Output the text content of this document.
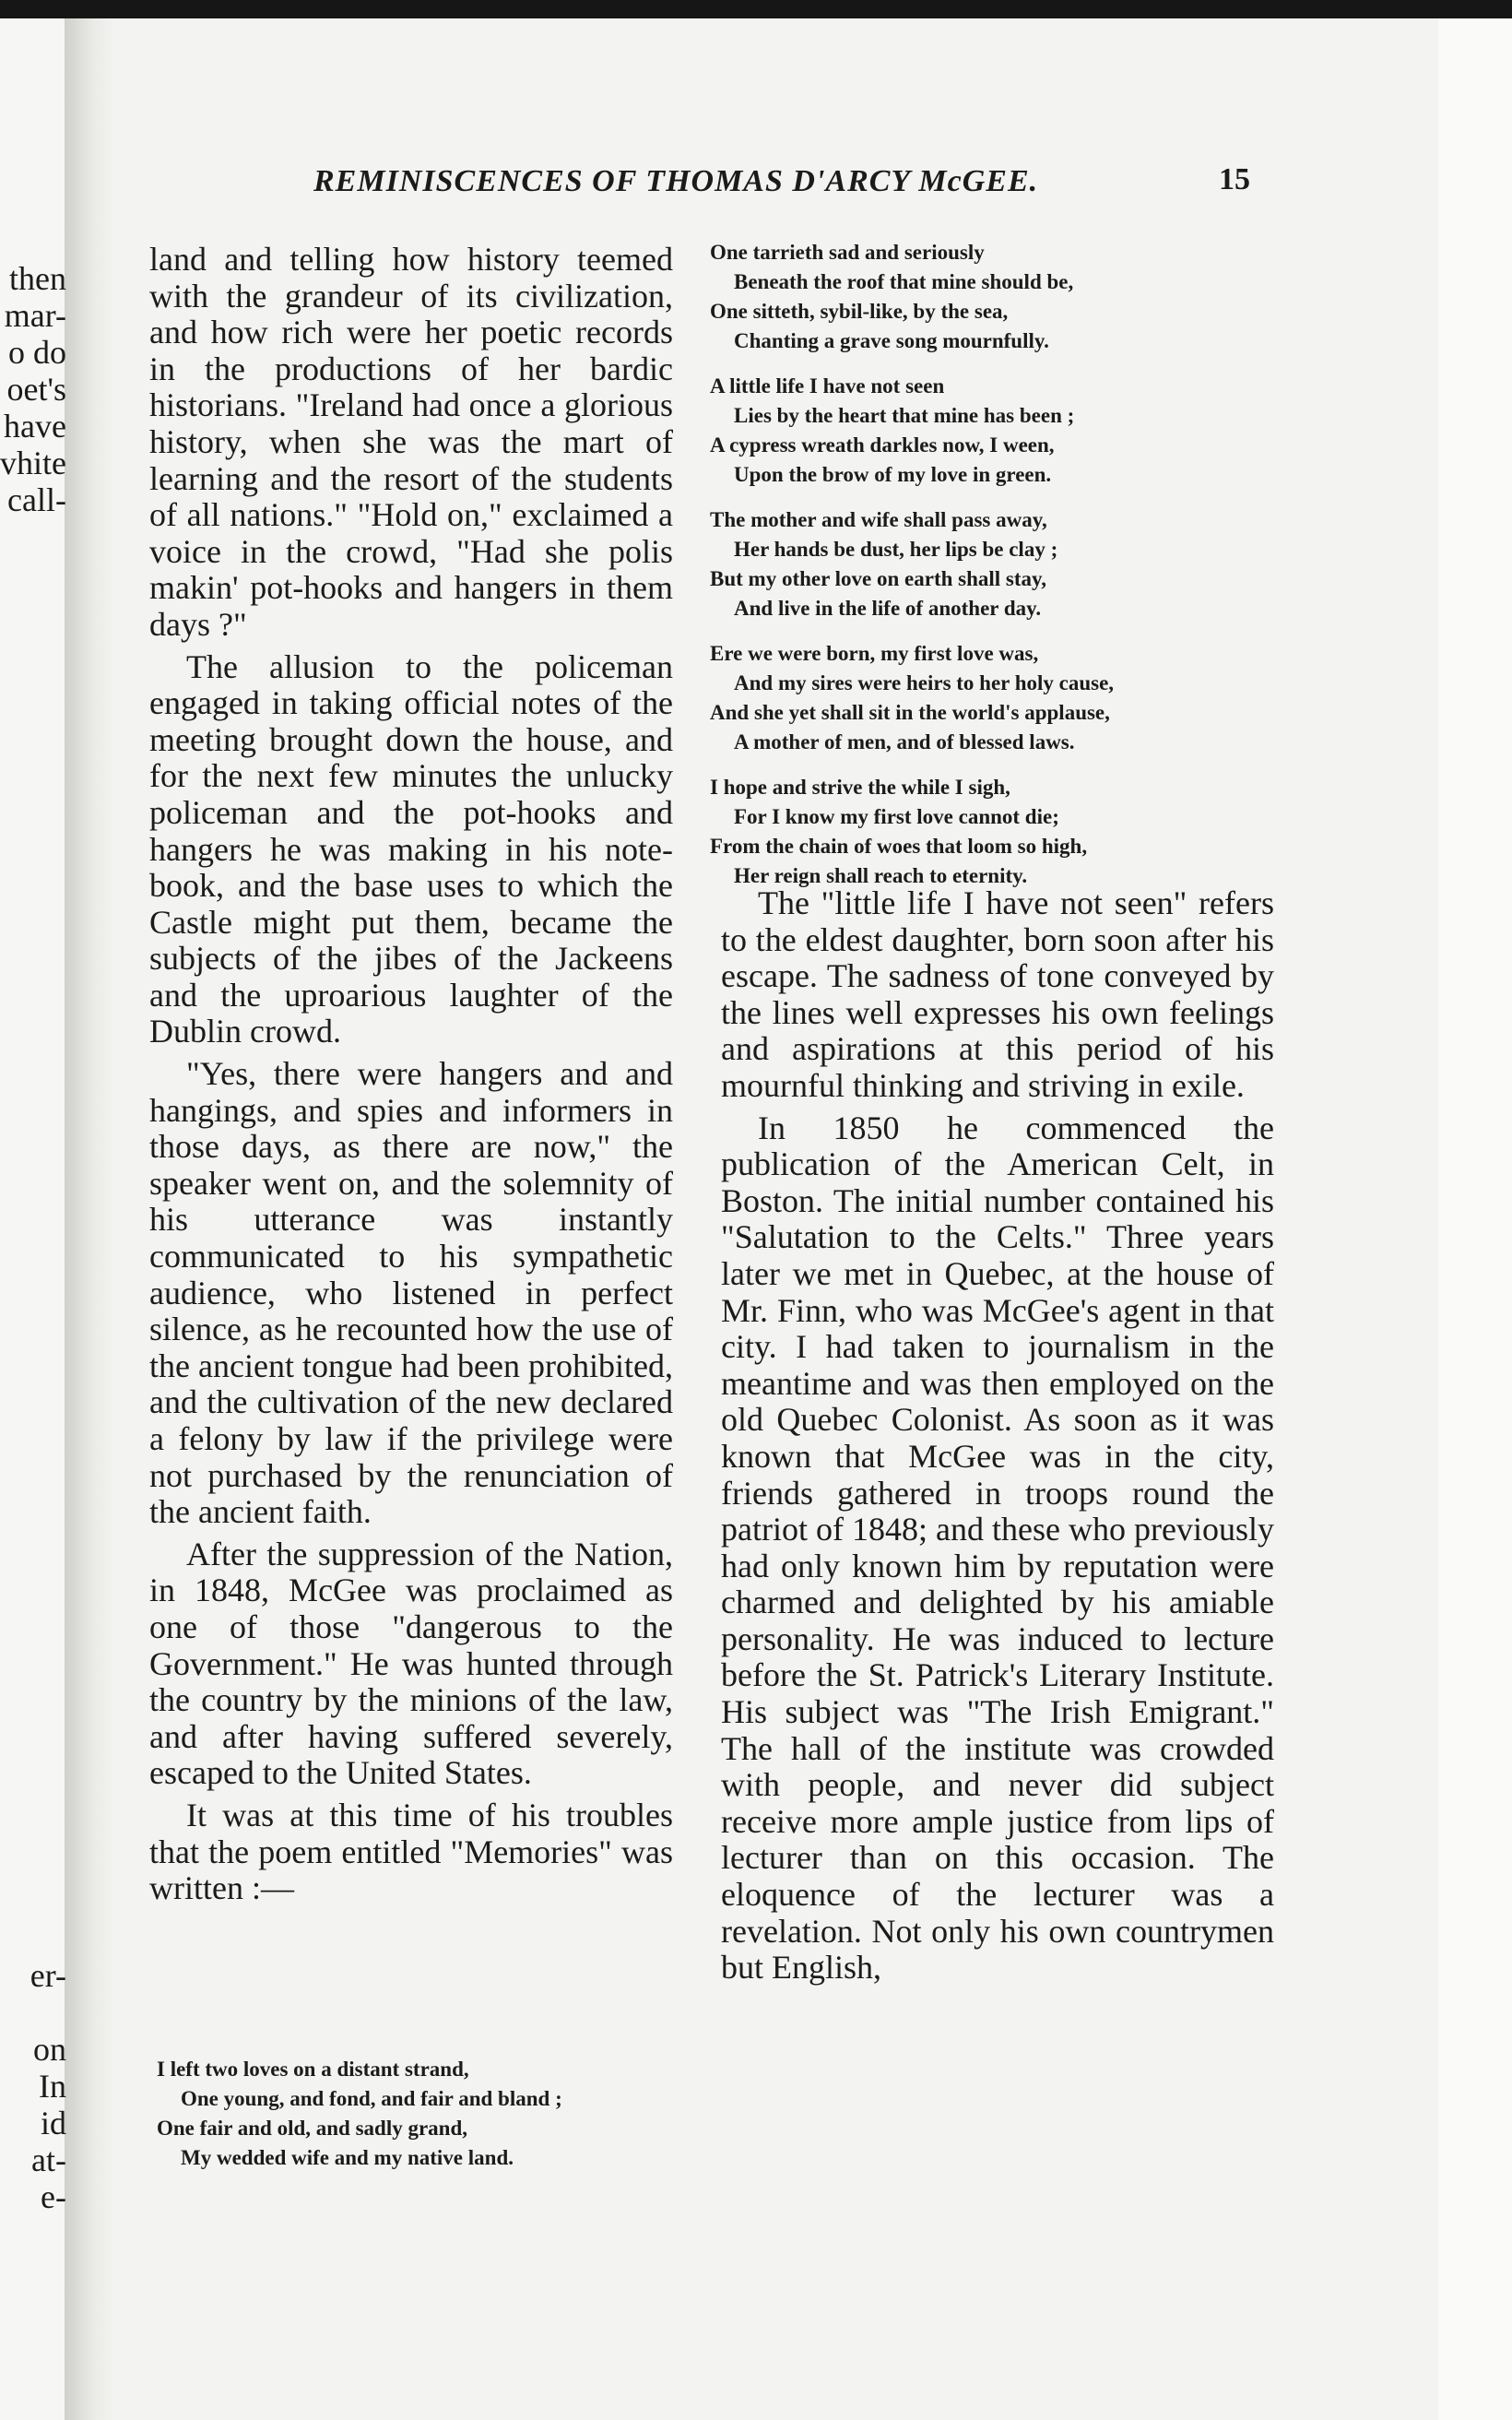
then
mar-
o do
oet's
have
vhite
call-
er-
on
In
id
at-
e-
REMINISCENCES OF THOMAS D'ARCY McGEE.	15

land and telling how history teemed with the grandeur of its civilization, and how rich were her poetic records in the productions of her bardic historians. "Ireland had once a glorious history, when she was the mart of learning and the resort of the students of all nations." "Hold on," exclaimed a voice in the crowd, "Had she polis makin' pot-hooks and hangers in them days ?"

The allusion to the policeman engaged in taking official notes of the meeting brought down the house, and for the next few minutes the unlucky policeman and the pot-hooks and hangers he was making in his note-book, and the base uses to which the Castle might put them, became the subjects of the jibes of the Jackeens and the uproarious laughter of the Dublin crowd.

"Yes, there were hangers and and hangings, and spies and informers in those days, as there are now," the speaker went on, and the solemnity of his utterance was instantly communicated to his sympathetic audience, who listened in perfect silence, as he recounted how the use of the ancient tongue had been prohibited, and the cultivation of the new declared a felony by law if the privilege were not purchased by the renunciation of the ancient faith.

After the suppression of the Nation, in 1848, McGee was proclaimed as one of those "dangerous to the Government." He was hunted through the country by the minions of the law, and after having suffered severely, escaped to the United States.

It was at this time of his troubles that the poem entitled "Memories" was written :—

I left two loves on a distant strand,
One young, and fond, and fair and bland ;
One fair and old, and sadly grand,
My wedded wife and my native land.
One tarrieth sad and seriously
Beneath the roof that mine should be,
One sitteth, sybil-like, by the sea,
Chanting a grave song mournfully.
A little life I have not seen
Lies by the heart that mine has been ;
A cypress wreath darkles now, I ween,
Upon the brow of my love in green.
The mother and wife shall pass away,
Her hands be dust, her lips be clay ;
But my other love on earth shall stay,
And live in the life of another day.
Ere we were born, my first love was,
And my sires were heirs to her holy cause,
And she yet shall sit in the world's applause,
A mother of men, and of blessed laws.
I hope and strive the while I sigh,
For I know my first love cannot die;
From the chain of woes that loom so high,
Her reign shall reach to eternity.

The "little life I have not seen" refers to the eldest daughter, born soon after his escape. The sadness of tone conveyed by the lines well expresses his own feelings and aspirations at this period of his mournful thinking and striving in exile.

In 1850 he commenced the publication of the American Celt, in Boston. The initial number contained his "Salutation to the Celts." Three years later we met in Quebec, at the house of Mr. Finn, who was McGee's agent in that city. I had taken to journalism in the meantime and was then employed on the old Quebec Colonist. As soon as it was known that McGee was in the city, friends gathered in troops round the patriot of 1848; and these who previously had only known him by reputation were charmed and delighted by his amiable personality. He was induced to lecture before the St. Patrick's Literary Institute. His subject was "The Irish Emigrant." The hall of the institute was crowded with people, and never did subject receive more ample justice from lips of lecturer than on this occasion. The eloquence of the lecturer was a revelation. Not only his own countrymen but English,
